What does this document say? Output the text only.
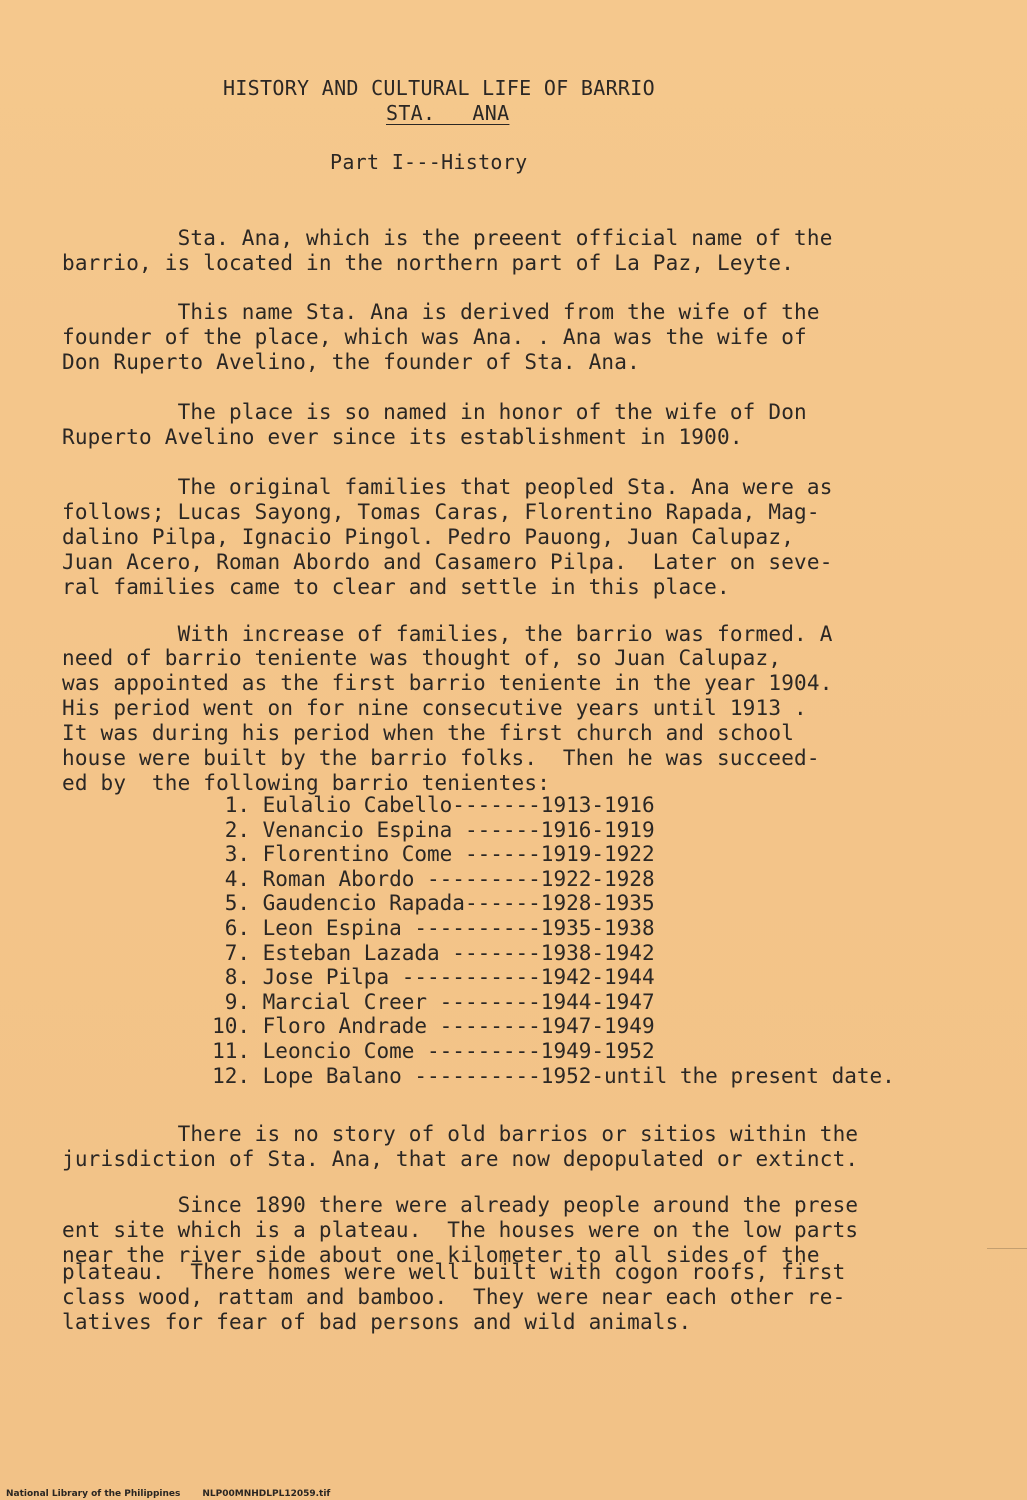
HISTORY AND CULTURAL LIFE OF BARRIO
STA.   ANA
Part I---History
Sta. Ana, which is the preeent official name of the
barrio, is located in the northern part of La Paz, Leyte.
This name Sta. Ana is derived from the wife of the
founder of the place, which was Ana. . Ana was the wife of
Don Ruperto Avelino, the founder of Sta. Ana.
The place is so named in honor of the wife of Don
Ruperto Avelino ever since its establishment in 1900.
The original families that peopled Sta. Ana were as
follows; Lucas Sayong, Tomas Caras, Florentino Rapada, Mag-
dalino Pilpa, Ignacio Pingol. Pedro Pauong, Juan Calupaz,
Juan Acero, Roman Abordo and Casamero Pilpa.  Later on seve-
ral families came to clear and settle in this place.
With increase of families, the barrio was formed. A
need of barrio teniente was thought of, so Juan Calupaz,
was appointed as the first barrio teniente in the year 1904.
His period went on for nine consecutive years until 1913 .
It was during his period when the first church and school
house were built by the barrio folks.  Then he was succeed-
ed by  the following barrio tenientes:
1. Eulalio Cabello-------1913-1916
2. Venancio Espina ------1916-1919
3. Florentino Come ------1919-1922
4. Roman Abordo ---------1922-1928
5. Gaudencio Rapada------1928-1935
6. Leon Espina ----------1935-1938
7. Esteban Lazada -------1938-1942
8. Jose Pilpa -----------1942-1944
9. Marcial Creer --------1944-1947
10. Floro Andrade --------1947-1949
11. Leoncio Come ---------1949-1952
12. Lope Balano ----------1952-until the present date.
There is no story of old barrios or sitios within the
jurisdiction of Sta. Ana, that are now depopulated or extinct.
Since 1890 there were already people around the prese
ent site which is a plateau.  The houses were on the low parts
near the river side about one kilometer to all sides of the
plateau.  There homes were well built with cogon roofs, first
class wood, rattam and bamboo.  They were near each other re-
latives for fear of bad persons and wild animals.
National Library of the Philippines NLP00MNHDLPL12059.tif
